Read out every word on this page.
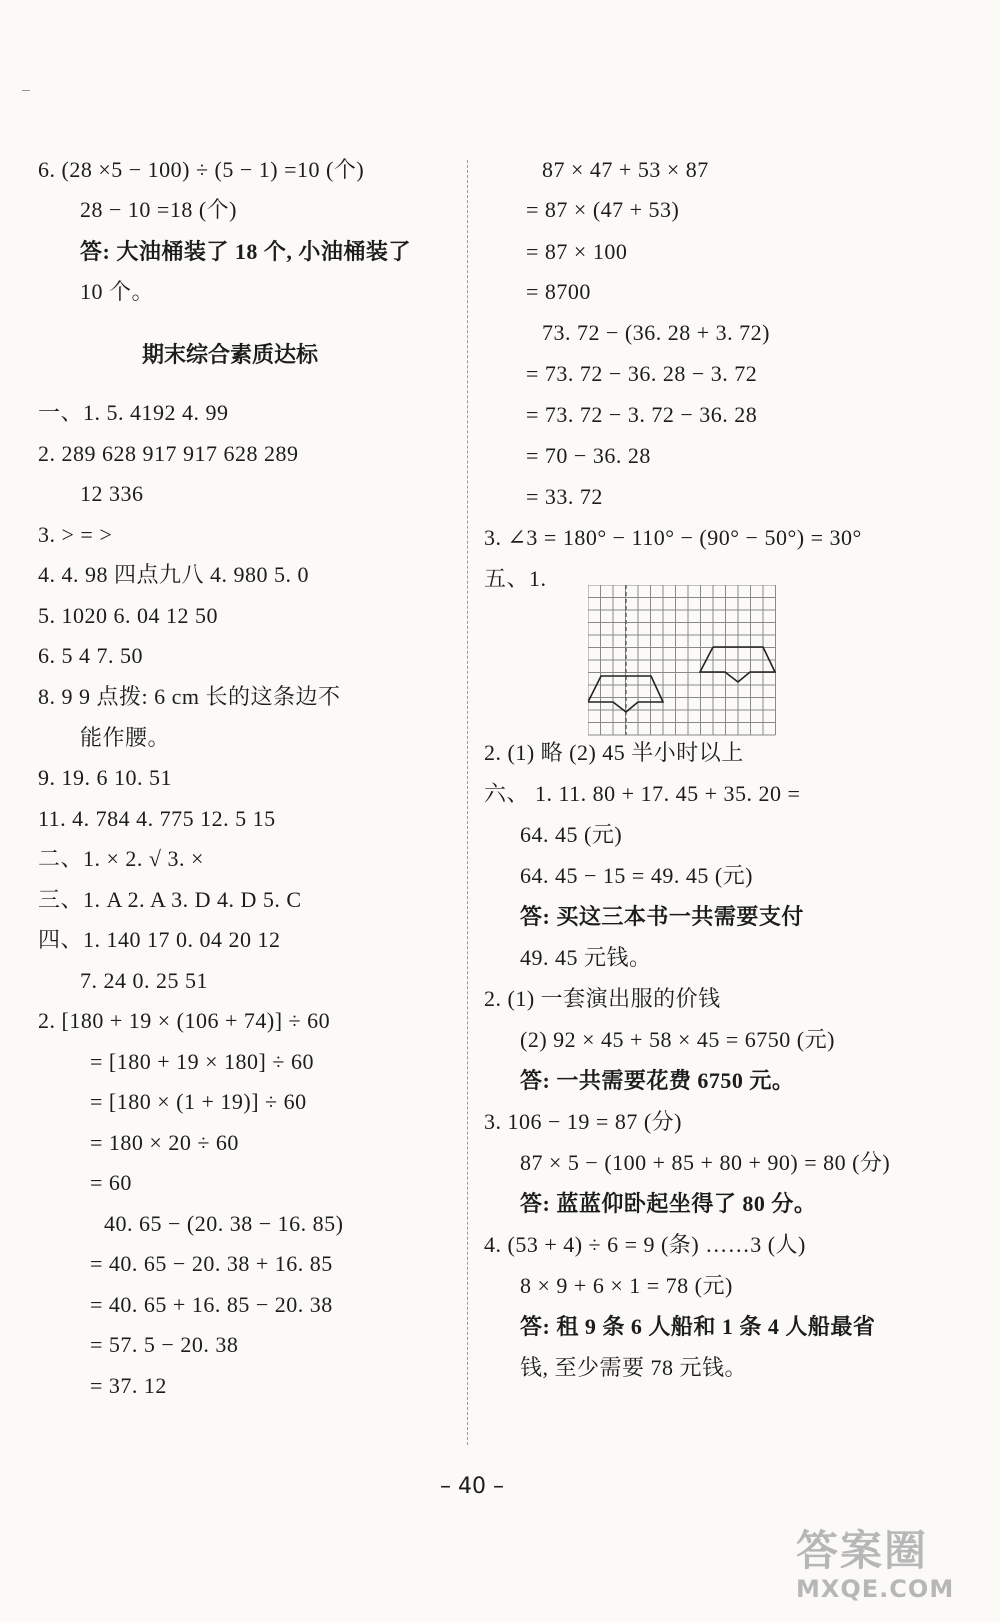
6. (28 ×5 − 100) ÷ (5 − 1) =10 (个)
28 − 10 =18 (个)
答: 大油桶装了 18 个, 小油桶装了
10 个。
期末综合素质达标
一、1. 5. 4192 4. 99
2. 289 628 917 917 628 289
12 336
3. > = >
4. 4. 98 四点九八 4. 980 5. 0
5. 1020 6. 04 12 50
6. 5 4 7. 50
8. 9 9 点拨: 6 cm 长的这条边不
能作腰。
9. 19. 6 10. 51
11. 4. 784 4. 775 12. 5 15
二、1. × 2. √ 3. ×
三、1. A 2. A 3. D 4. D 5. C
四、1. 140 17 0. 04 20 12
7. 24 0. 25 51
2. [180 + 19 × (106 + 74)] ÷ 60
= [180 + 19 × 180] ÷ 60
= [180 × (1 + 19)] ÷ 60
= 180 × 20 ÷ 60
= 60
40. 65 − (20. 38 − 16. 85)
= 40. 65 − 20. 38 + 16. 85
= 40. 65 + 16. 85 − 20. 38
= 57. 5 − 20. 38
= 37. 12
87 × 47 + 53 × 87
= 87 × (47 + 53)
= 87 × 100
= 8700
73. 72 − (36. 28 + 3. 72)
= 73. 72 − 36. 28 − 3. 72
= 73. 72 − 3. 72 − 36. 28
= 70 − 36. 28
= 33. 72
3. ∠3 = 180° − 110° − (90° − 50°) = 30°
五、1.
2. (1) 略 (2) 45 半小时以上
六、 1. 11. 80 + 17. 45 + 35. 20 =
64. 45 (元)
64. 45 − 15 = 49. 45 (元)
答: 买这三本书一共需要支付
49. 45 元钱。
2. (1) 一套演出服的价钱
(2) 92 × 45 + 58 × 45 = 6750 (元)
答: 一共需要花费 6750 元。
3. 106 − 19 = 87 (分)
87 × 5 − (100 + 85 + 80 + 90) = 80 (分)
答: 蓝蓝仰卧起坐得了 80 分。
4. (53 + 4) ÷ 6 = 9 (条) ……3 (人)
8 × 9 + 6 × 1 = 78 (元)
答: 租 9 条 6 人船和 1 条 4 人船最省
钱, 至少需要 78 元钱。
– 40 –
答案圈
MXQE.COM
